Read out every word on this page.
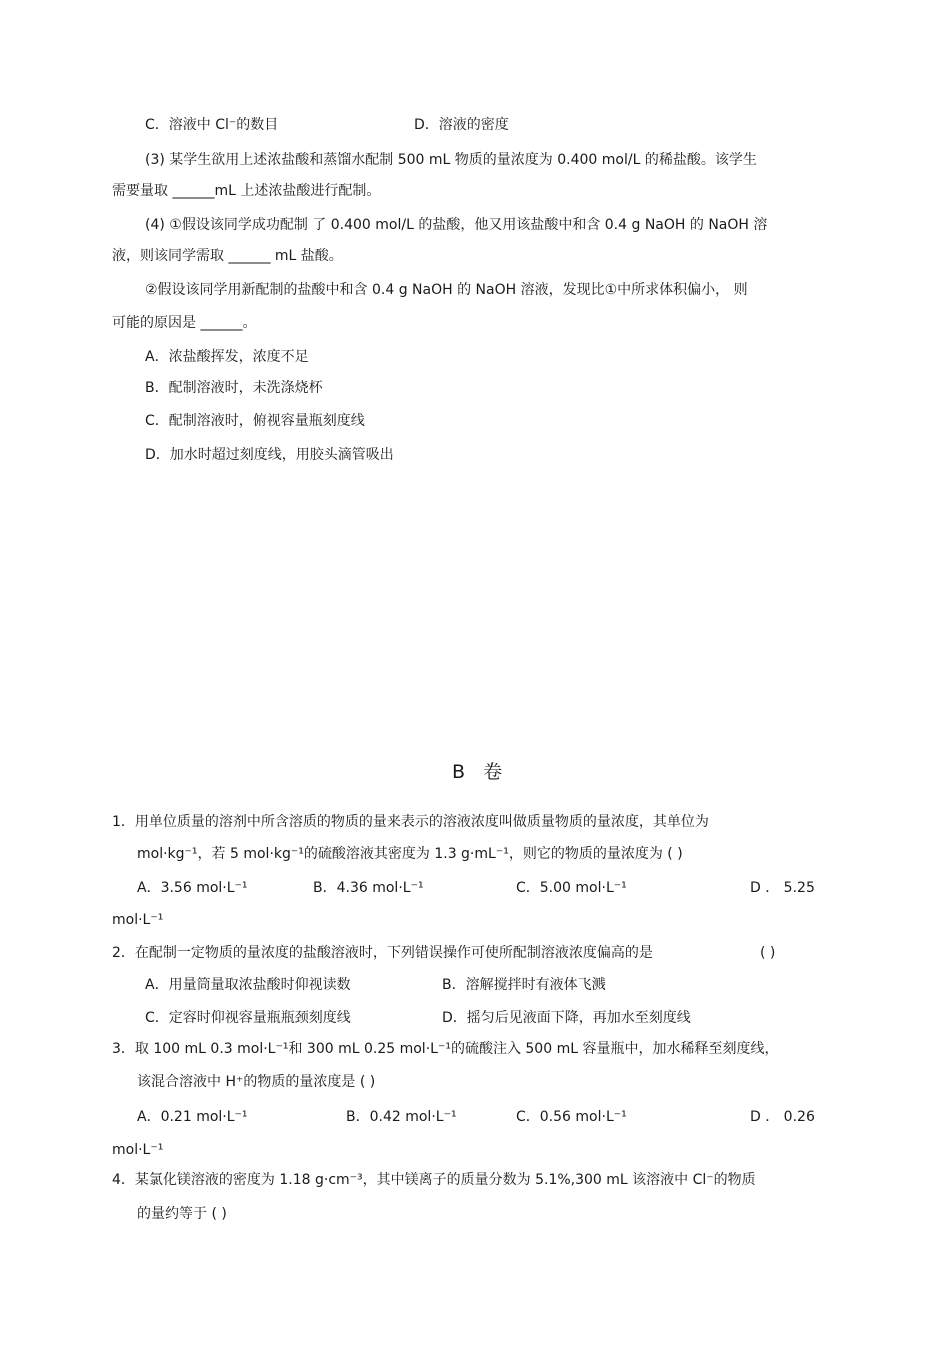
C．溶液中 Cl⁻的数目	D．溶液的密度
(3) 某学生欲用上述浓盐酸和蒸馏水配制 500 mL 物质的量浓度为 0.400 mol/L 的稀盐酸。该学生
需要量取 ______mL 上述浓盐酸进行配制。
(4) ①假设该同学成功配制 了 0.400 mol/L 的盐酸，他又用该盐酸中和含 0.4 g NaOH 的 NaOH 溶
液，则该同学需取 ______ mL 盐酸。
②假设该同学用新配制的盐酸中和含 0.4 g NaOH 的 NaOH 溶液，发现比①中所求体积偏小， 则
可能的原因是 ______。
A．浓盐酸挥发，浓度不足
B．配制溶液时，未洗涤烧杯
C．配制溶液时，俯视容量瓶刻度线
D．加水时超过刻度线，用胶头滴管吸出
B 卷
1．用单位质量的溶剂中所含溶质的物质的量来表示的溶液浓度叫做质量物质的量浓度，其单位为
mol·kg⁻¹，若 5 mol·kg⁻¹的硫酸溶液其密度为 1.3 g·mL⁻¹，则它的物质的量浓度为 ( )
A．3.56 mol·L⁻¹	B．4.36 mol·L⁻¹	C．5.00 mol·L⁻¹	D ． 5.25
mol·L⁻¹
2．在配制一定物质的量浓度的盐酸溶液时，下列错误操作可使所配制溶液浓度偏高的是	( )
A．用量筒量取浓盐酸时仰视读数	B．溶解搅拌时有液体飞溅
C．定容时仰视容量瓶瓶颈刻度线	D．摇匀后见液面下降，再加水至刻度线
3．取 100 mL 0.3 mol·L⁻¹和 300 mL 0.25 mol·L⁻¹的硫酸注入 500 mL 容量瓶中，加水稀释至刻度线，
该混合溶液中 H⁺的物质的量浓度是 ( )
A．0.21 mol·L⁻¹	B．0.42 mol·L⁻¹	C．0.56 mol·L⁻¹	D ． 0.26
mol·L⁻¹
4．某氯化镁溶液的密度为 1.18 g·cm⁻³，其中镁离子的质量分数为 5.1%,300 mL 该溶液中 Cl⁻的物质
的量约等于 ( )
